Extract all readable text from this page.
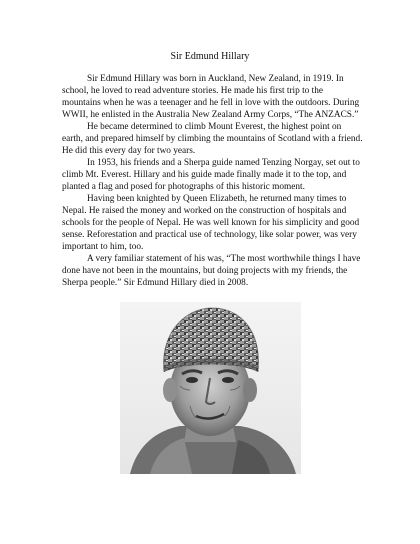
Sir Edmund Hillary

Sir Edmund Hillary was born in Auckland, New Zealand, in 1919. In school, he loved to read adventure stories. He made his first trip to the mountains when he was a teenager and he fell in love with the outdoors. During WWII, he enlisted in the Australia New Zealand Army Corps, “The ANZACS.”

He became determined to climb Mount Everest, the highest point on earth, and prepared himself by climbing the mountains of Scotland with a friend. He did this every day for two years.

In 1953, his friends and a Sherpa guide named Tenzing Norgay, set out to climb Mt. Everest. Hillary and his guide made finally made it to the top, and planted a flag and posed for photographs of this historic moment.

Having been knighted by Queen Elizabeth, he returned many times to Nepal. He raised the money and worked on the construction of hospitals and schools for the people of Nepal. He was well known for his simplicity and good sense. Reforestation and practical use of technology, like solar power, was very important to him, too.

A very familiar statement of his was, “The most worthwhile things I have done have not been in the mountains, but doing projects with my friends, the Sherpa people.” Sir Edmund Hillary died in 2008.
